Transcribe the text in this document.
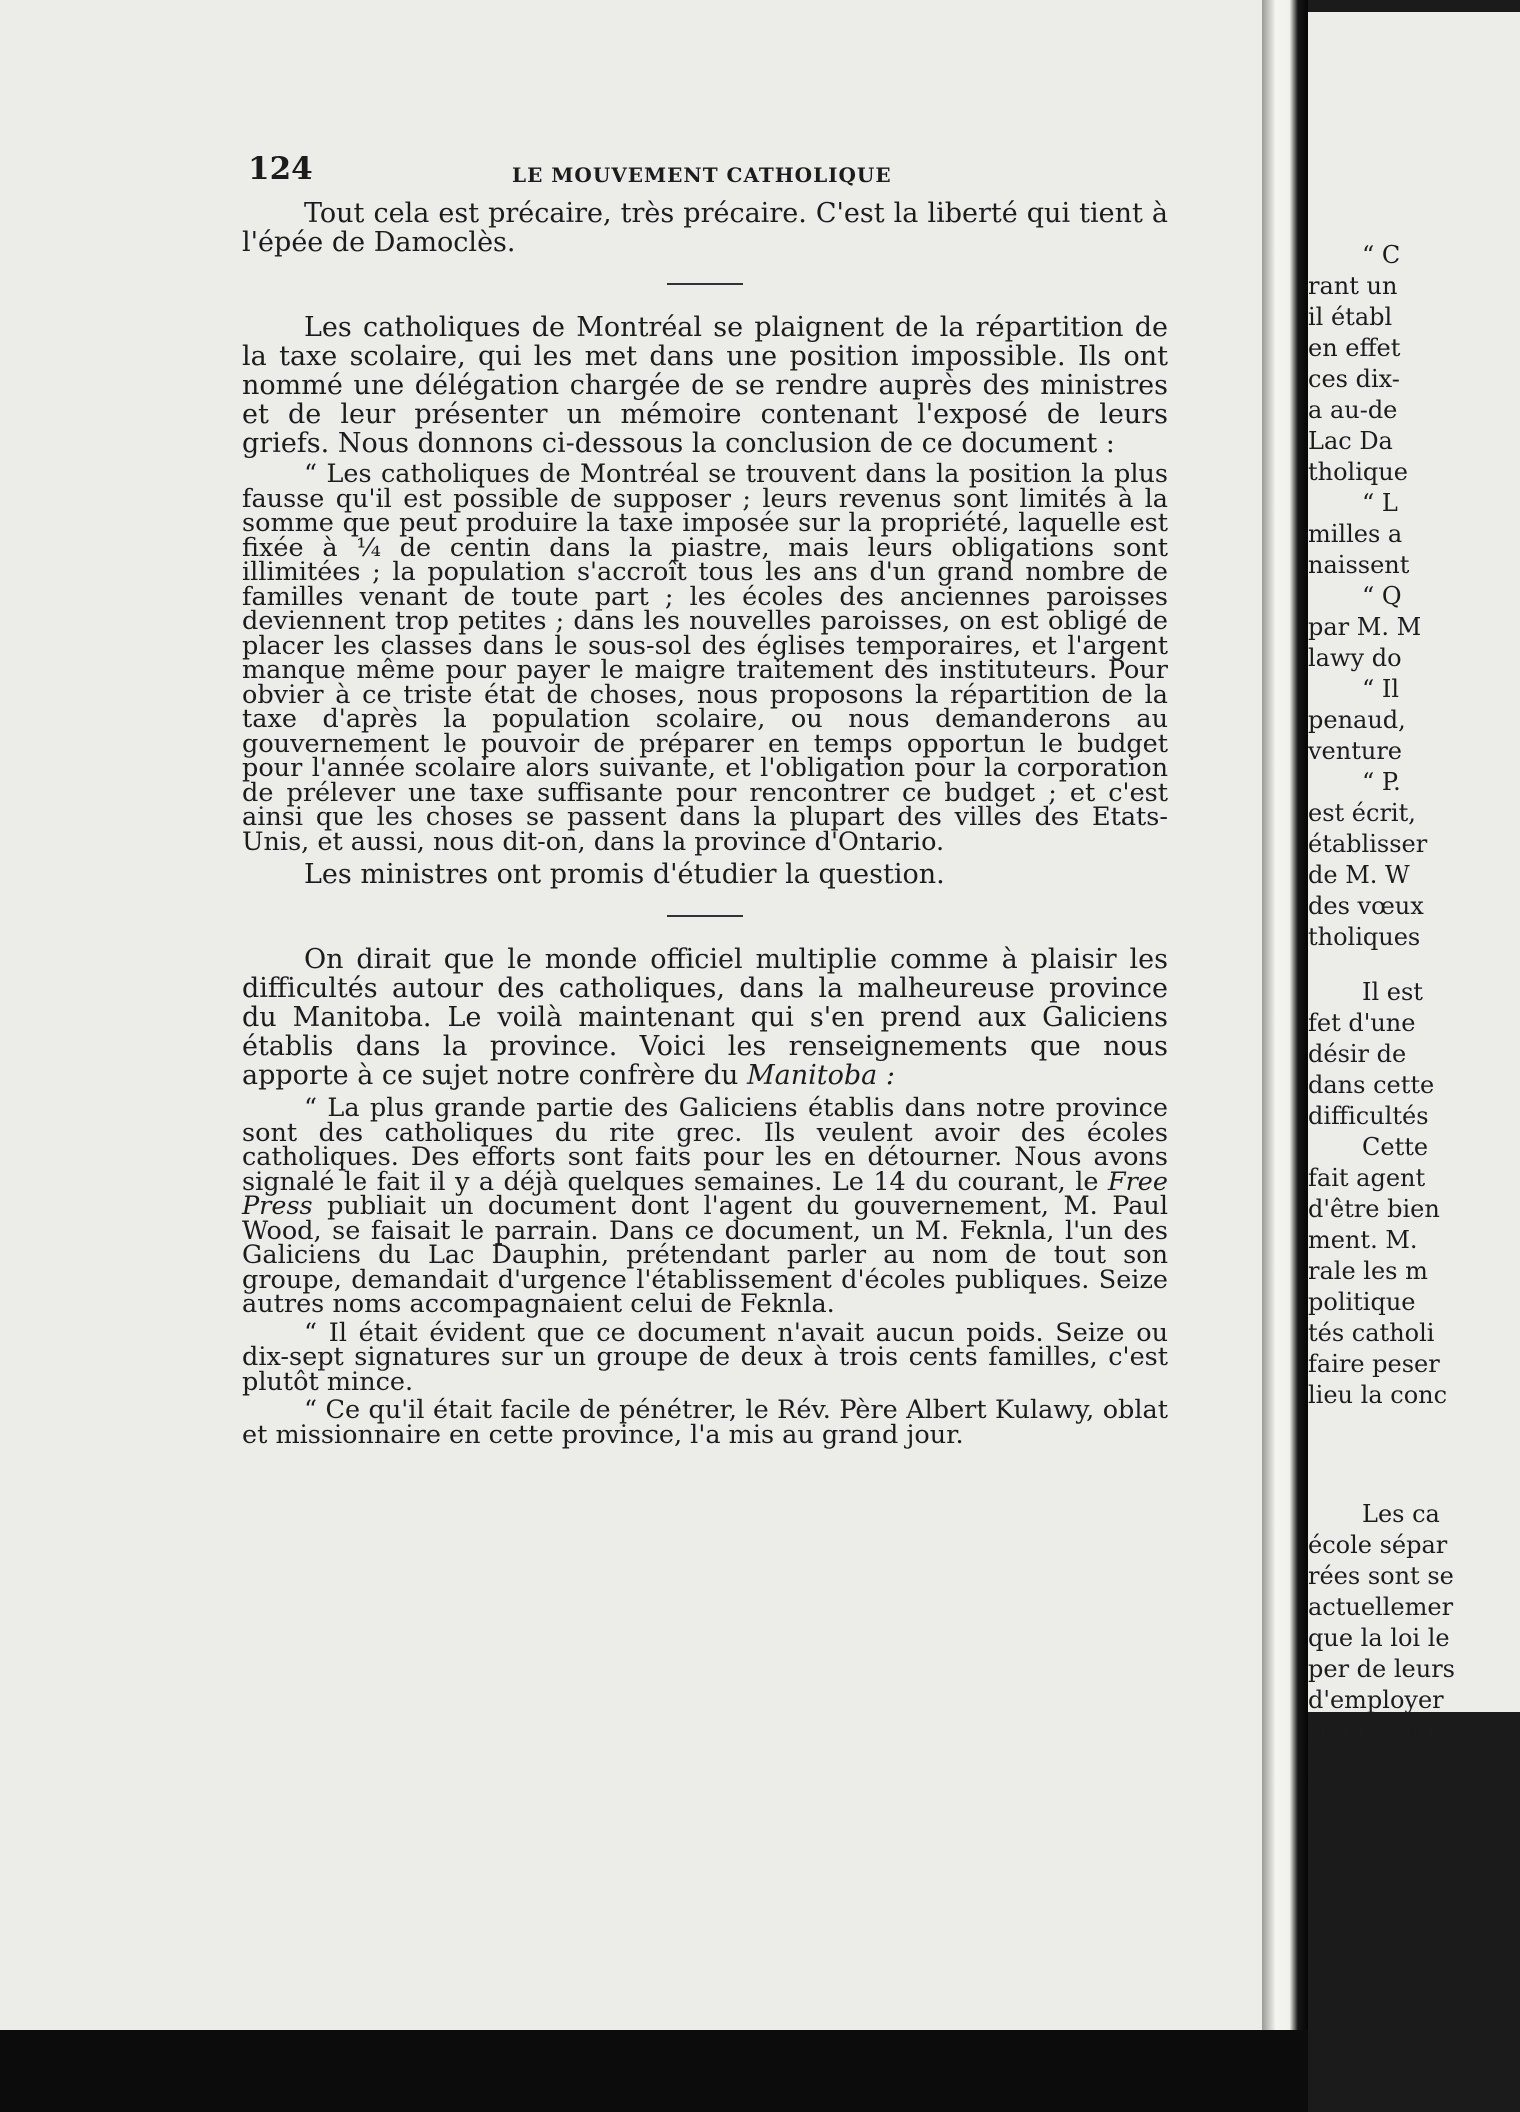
124	LE MOUVEMENT CATHOLIQUE

Tout cela est précaire, très précaire. C'est la liberté qui tient à l'épée de Damoclès.

Les catholiques de Montréal se plaignent de la répartition de la taxe scolaire, qui les met dans une position impossible. Ils ont nommé une délégation chargée de se rendre auprès des ministres et de leur présenter un mémoire contenant l'exposé de leurs griefs. Nous donnons ci-dessous la conclusion de ce document :

“ Les catholiques de Montréal se trouvent dans la position la plus fausse qu'il est possible de supposer ; leurs revenus sont limités à la somme que peut produire la taxe imposée sur la propriété, laquelle est fixée à ¼ de centin dans la piastre, mais leurs obligations sont illimitées ; la population s'accroît tous les ans d'un grand nombre de familles venant de toute part ; les écoles des anciennes paroisses deviennent trop petites ; dans les nouvelles paroisses, on est obligé de placer les classes dans le sous-sol des églises temporaires, et l'argent manque même pour payer le maigre traitement des instituteurs. Pour obvier à ce triste état de choses, nous proposons la répartition de la taxe d'après la population scolaire, ou nous demanderons au gouvernement le pouvoir de préparer en temps opportun le budget pour l'année scolaire alors suivante, et l'obligation pour la corporation de prélever une taxe suffisante pour rencontrer ce budget ; et c'est ainsi que les choses se passent dans la plupart des villes des Etats-Unis, et aussi, nous dit-on, dans la province d'Ontario.

Les ministres ont promis d'étudier la question.

On dirait que le monde officiel multiplie comme à plaisir les difficultés autour des catholiques, dans la malheureuse province du Manitoba. Le voilà maintenant qui s'en prend aux Galiciens établis dans la province. Voici les renseignements que nous apporte à ce sujet notre confrère du Manitoba :

“ La plus grande partie des Galiciens établis dans notre province sont des catholiques du rite grec. Ils veulent avoir des écoles catholiques. Des efforts sont faits pour les en détourner. Nous avons signalé le fait il y a déjà quelques semaines. Le 14 du courant, le Free Press publiait un document dont l'agent du gouvernement, M. Paul Wood, se faisait le parrain. Dans ce document, un M. Feknla, l'un des Galiciens du Lac Dauphin, prétendant parler au nom de tout son groupe, demandait d'urgence l'établissement d'écoles publiques. Seize autres noms accompagnaient celui de Feknla.

“ Il était évident que ce document n'avait aucun poids. Seize ou dix-sept signatures sur un groupe de deux à trois cents familles, c'est plutôt mince.

“ Ce qu'il était facile de pénétrer, le Rév. Père Albert Kulawy, oblat et missionnaire en cette province, l'a mis au grand jour.

“ C
rant un
il établ
en effet
ces dix-
a au-de
Lac Da
tholique
“ L
milles a
naissent
“ Q
par M. M
lawy do
“ Il
penaud,
venture
“ P.
est écrit,
établisser
de M. W
des vœux
tholiques
Il est
fet d'une
désir de
dans cette
difficultés
Cette
fait agent
d'être bien
ment. M.
rale les m
politique
tés catholi
faire peser
lieu la conc
Les ca
école sépar
rées sont se
actuellemer
que la loi le
per de leurs
d'employer
soient, et q
